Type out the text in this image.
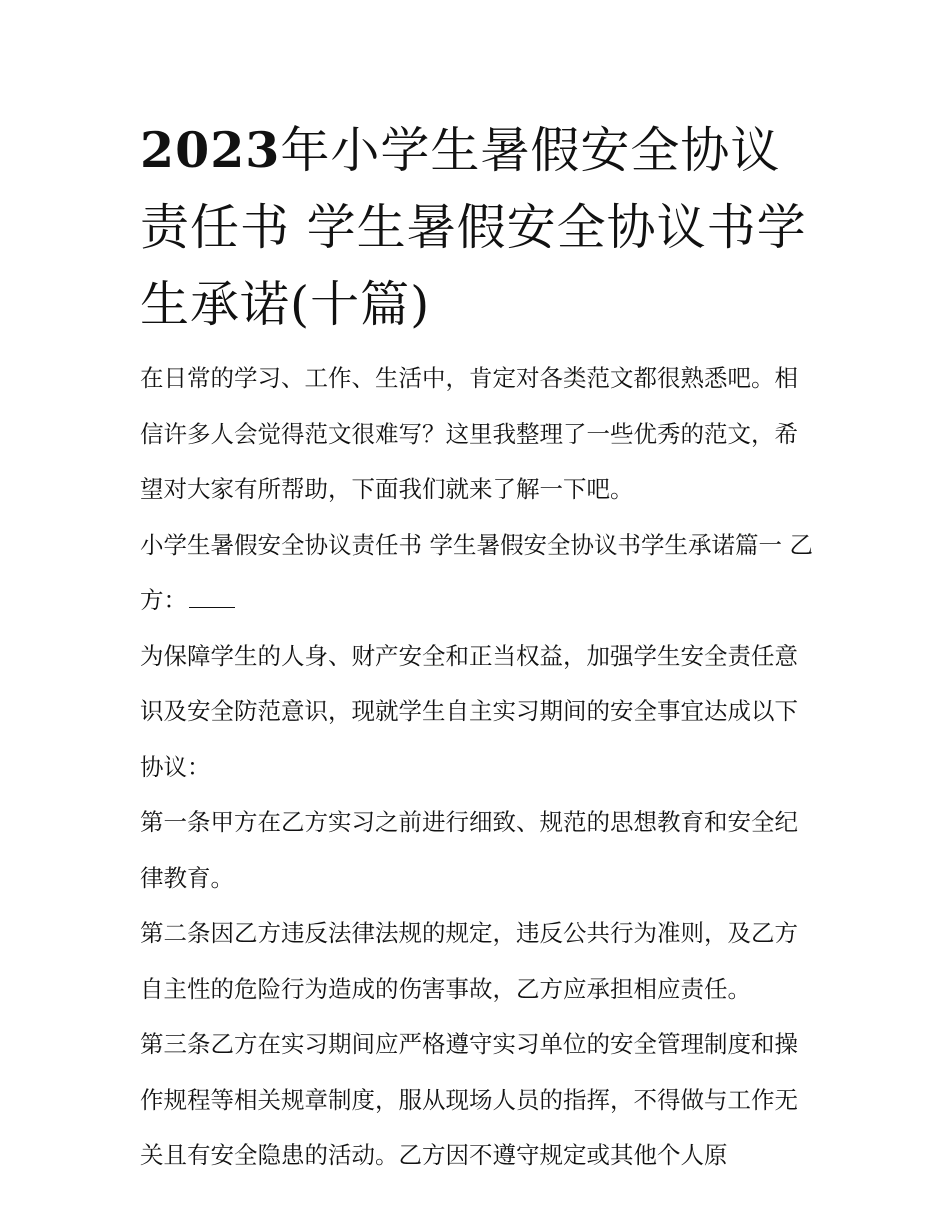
2023年小学生暑假安全协议责任书 学生暑假安全协议书学生承诺(十篇)

在日常的学习、工作、生活中，肯定对各类范文都很熟悉吧。相信许多人会觉得范文很难写？这里我整理了一些优秀的范文，希望对大家有所帮助，下面我们就来了解一下吧。

小学生暑假安全协议责任书 学生暑假安全协议书学生承诺篇一 乙方：

为保障学生的人身、财产安全和正当权益，加强学生安全责任意识及安全防范意识，现就学生自主实习期间的安全事宜达成以下协议：

第一条甲方在乙方实习之前进行细致、规范的思想教育和安全纪律教育。

第二条因乙方违反法律法规的规定，违反公共行为准则，及乙方自主性的危险行为造成的伤害事故，乙方应承担相应责任。

第三条乙方在实习期间应严格遵守实习单位的安全管理制度和操作规程等相关规章制度，服从现场人员的指挥，不得做与工作无关且有安全隐患的活动。乙方因不遵守规定或其他个人原
